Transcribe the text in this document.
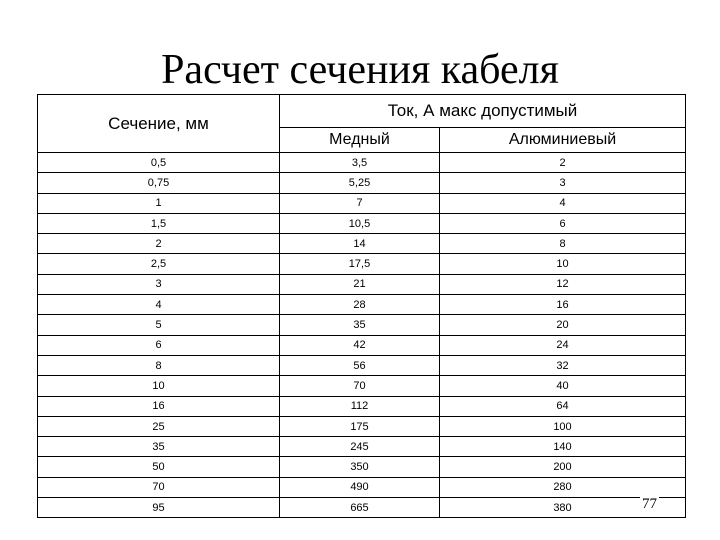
Расчет сечения кабеля
Сечение, мм	Ток, А макс допустимый	
	Медный	Алюминиевый
0,5	3,5	2
0,75	5,25	3
1	7	4
1,5	10,5	6
2	14	8
2,5	17,5	10
3	21	12
4	28	16
5	35	20
6	42	24
8	56	32
10	70	40
16	112	64
25	175	100
35	245	140
50	350	200
70	490	280
95	665	380	77
